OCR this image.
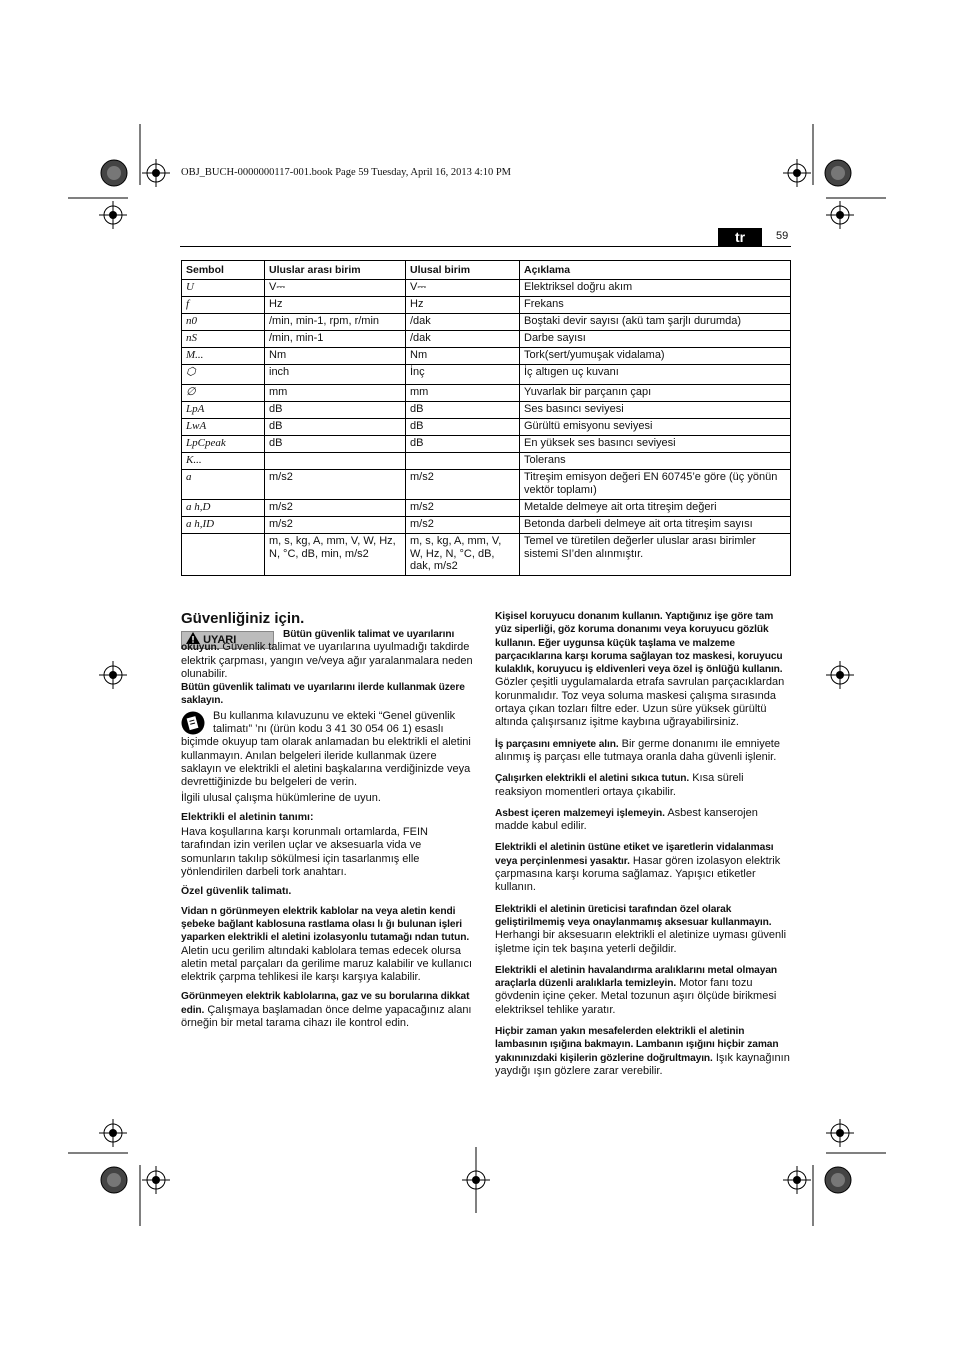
OBJ_BUCH-0000000117-001.book Page 59 Tuesday, April 16, 2013 4:10 PM
tr	59
Sembol	Uluslar arası birim	Ulusal birim	Açıklama
U	V⎓	V⎓	Elektriksel doğru akım
f	Hz	Hz	Frekans
n0	/min, min-1, rpm, r/min	/dak	Boştaki devir sayısı (akü tam şarjlı durumda)
nS	/min, min-1	/dak	Darbe sayısı
M...	Nm	Nm	Tork(sert/yumuşak vidalama)
⬡	inch	İnç	İç altıgen uç kuvanı
∅	mm	mm	Yuvarlak bir parçanın çapı
LpA	dB	dB	Ses basıncı seviyesi
LwA	dB	dB	Gürültü emisyonu seviyesi
LpCpeak	dB	dB	En yüksek ses basıncı seviyesi
K...			Tolerans
a	m/s2	m/s2	Titreşim emisyon değeri EN 60745’e göre (üç yönün vektör toplamı)
a h,D	m/s2	m/s2	Metalde delmeye ait orta titreşim değeri
a h,ID	m/s2	m/s2	Betonda darbeli delmeye ait orta titreşim sayısı
	m, s, kg, A, mm, V, W, Hz, N, °C, dB, min, m/s2	m, s, kg, A, mm, V, W, Hz, N, °C, dB, dak, m/s2	Temel ve türetilen değerler uluslar arası birimler sistemi SI’den alınmıştır.
Güvenliğiniz için.
UYARI	Bütün güvenlik talimat ve uyarılarını okuyun. Güvenlik talimat ve uyarılarına uyulmadığı takdirde elektrik çarpması, yangın ve/veya ağır yaralanmalara neden olunabilir.

Bütün güvenlik talimatı ve uyarılarını ilerde kullanmak üzere saklayın.

Bu kullanma kılavuzunu ve ekteki “Genel güvenlik talimatı” ’nı (ürün kodu 3 41 30 054 06 1) esaslı biçimde okuyup tam olarak anlamadan bu elektrikli el aletini kullanmayın. Anılan belgeleri ileride kullanmak üzere saklayın ve elektrikli el aletini başkalarına verdiğinizde veya devrettiğinizde bu belgeleri de verin.

İlgili ulusal çalışma hükümlerine de uyun.

Elektrikli el aletinin tanımı:

Hava koşullarına karşı korunmalı ortamlarda, FEIN tarafından izin verilen uçlar ve aksesuarla vida ve somunların takılıp sökülmesi için tasarlanmış elle yönlendirilen darbeli tork anahtarı.

Özel güvenlik talimatı.

Vidan n görünmeyen elektrik kablolar na veya aletin kendi şebeke bağlant kablosuna rastlama olası lı ğı bulunan işleri yaparken elektrikli el aletini izolasyonlu tutamağı ndan tutun. Aletin ucu gerilim altındaki kablolara temas edecek olursa aletin metal parçaları da gerilime maruz kalabilir ve kullanıcı elektrik çarpma tehlikesi ile karşı karşıya kalabilir.

Görünmeyen elektrik kablolarına, gaz ve su borularına dikkat edin. Çalışmaya başlamadan önce delme yapacağınız alanı örneğin bir metal tarama cihazı ile kontrol edin.

Kişisel koruyucu donanım kullanın. Yaptığınız işe göre tam yüz siperliği, göz koruma donanımı veya koruyucu gözlük kullanın. Eğer uygunsa küçük taşlama ve malzeme parçacıklarına karşı koruma sağlayan toz maskesi, koruyucu kulaklık, koruyucu iş eldivenleri veya özel iş önlüğü kullanın. Gözler çeşitli uygulamalarda etrafa savrulan parçacıklardan korunmalıdır. Toz veya soluma maskesi çalışma sırasında ortaya çıkan tozları filtre eder. Uzun süre yüksek gürültü altında çalışırsanız işitme kaybına uğrayabilirsiniz.

İş parçasını emniyete alın. Bir germe donanımı ile emniyete alınmış iş parçası elle tutmaya oranla daha güvenli işlenir.

Çalışırken elektrikli el aletini sıkıca tutun. Kısa süreli reaksiyon momentleri ortaya çıkabilir.

Asbest içeren malzemeyi işlemeyin. Asbest kanserojen madde kabul edilir.

Elektrikli el aletinin üstüne etiket ve işaretlerin vidalanması veya perçinlenmesi yasaktır. Hasar gören izolasyon elektrik çarpmasına karşı koruma sağlamaz. Yapışıcı etiketler kullanın.

Elektrikli el aletinin üreticisi tarafından özel olarak geliştirilmemiş veya onaylanmamış aksesuar kullanmayın. Herhangi bir aksesuarın elektrikli el aletinize uyması güvenli işletme için tek başına yeterli değildir.

Elektrikli el aletinin havalandırma aralıklarını metal olmayan araçlarla düzenli aralıklarla temizleyin. Motor fanı tozu gövdenin içine çeker. Metal tozunun aşırı ölçüde birikmesi elektriksel tehlike yaratır.

Hiçbir zaman yakın mesafelerden elektrikli el aletinin lambasının ışığına bakmayın. Lambanın ışığını hiçbir zaman yakınınızdaki kişilerin gözlerine doğrultmayın. Işık kaynağının yaydığı ışın gözlere zarar verebilir.
